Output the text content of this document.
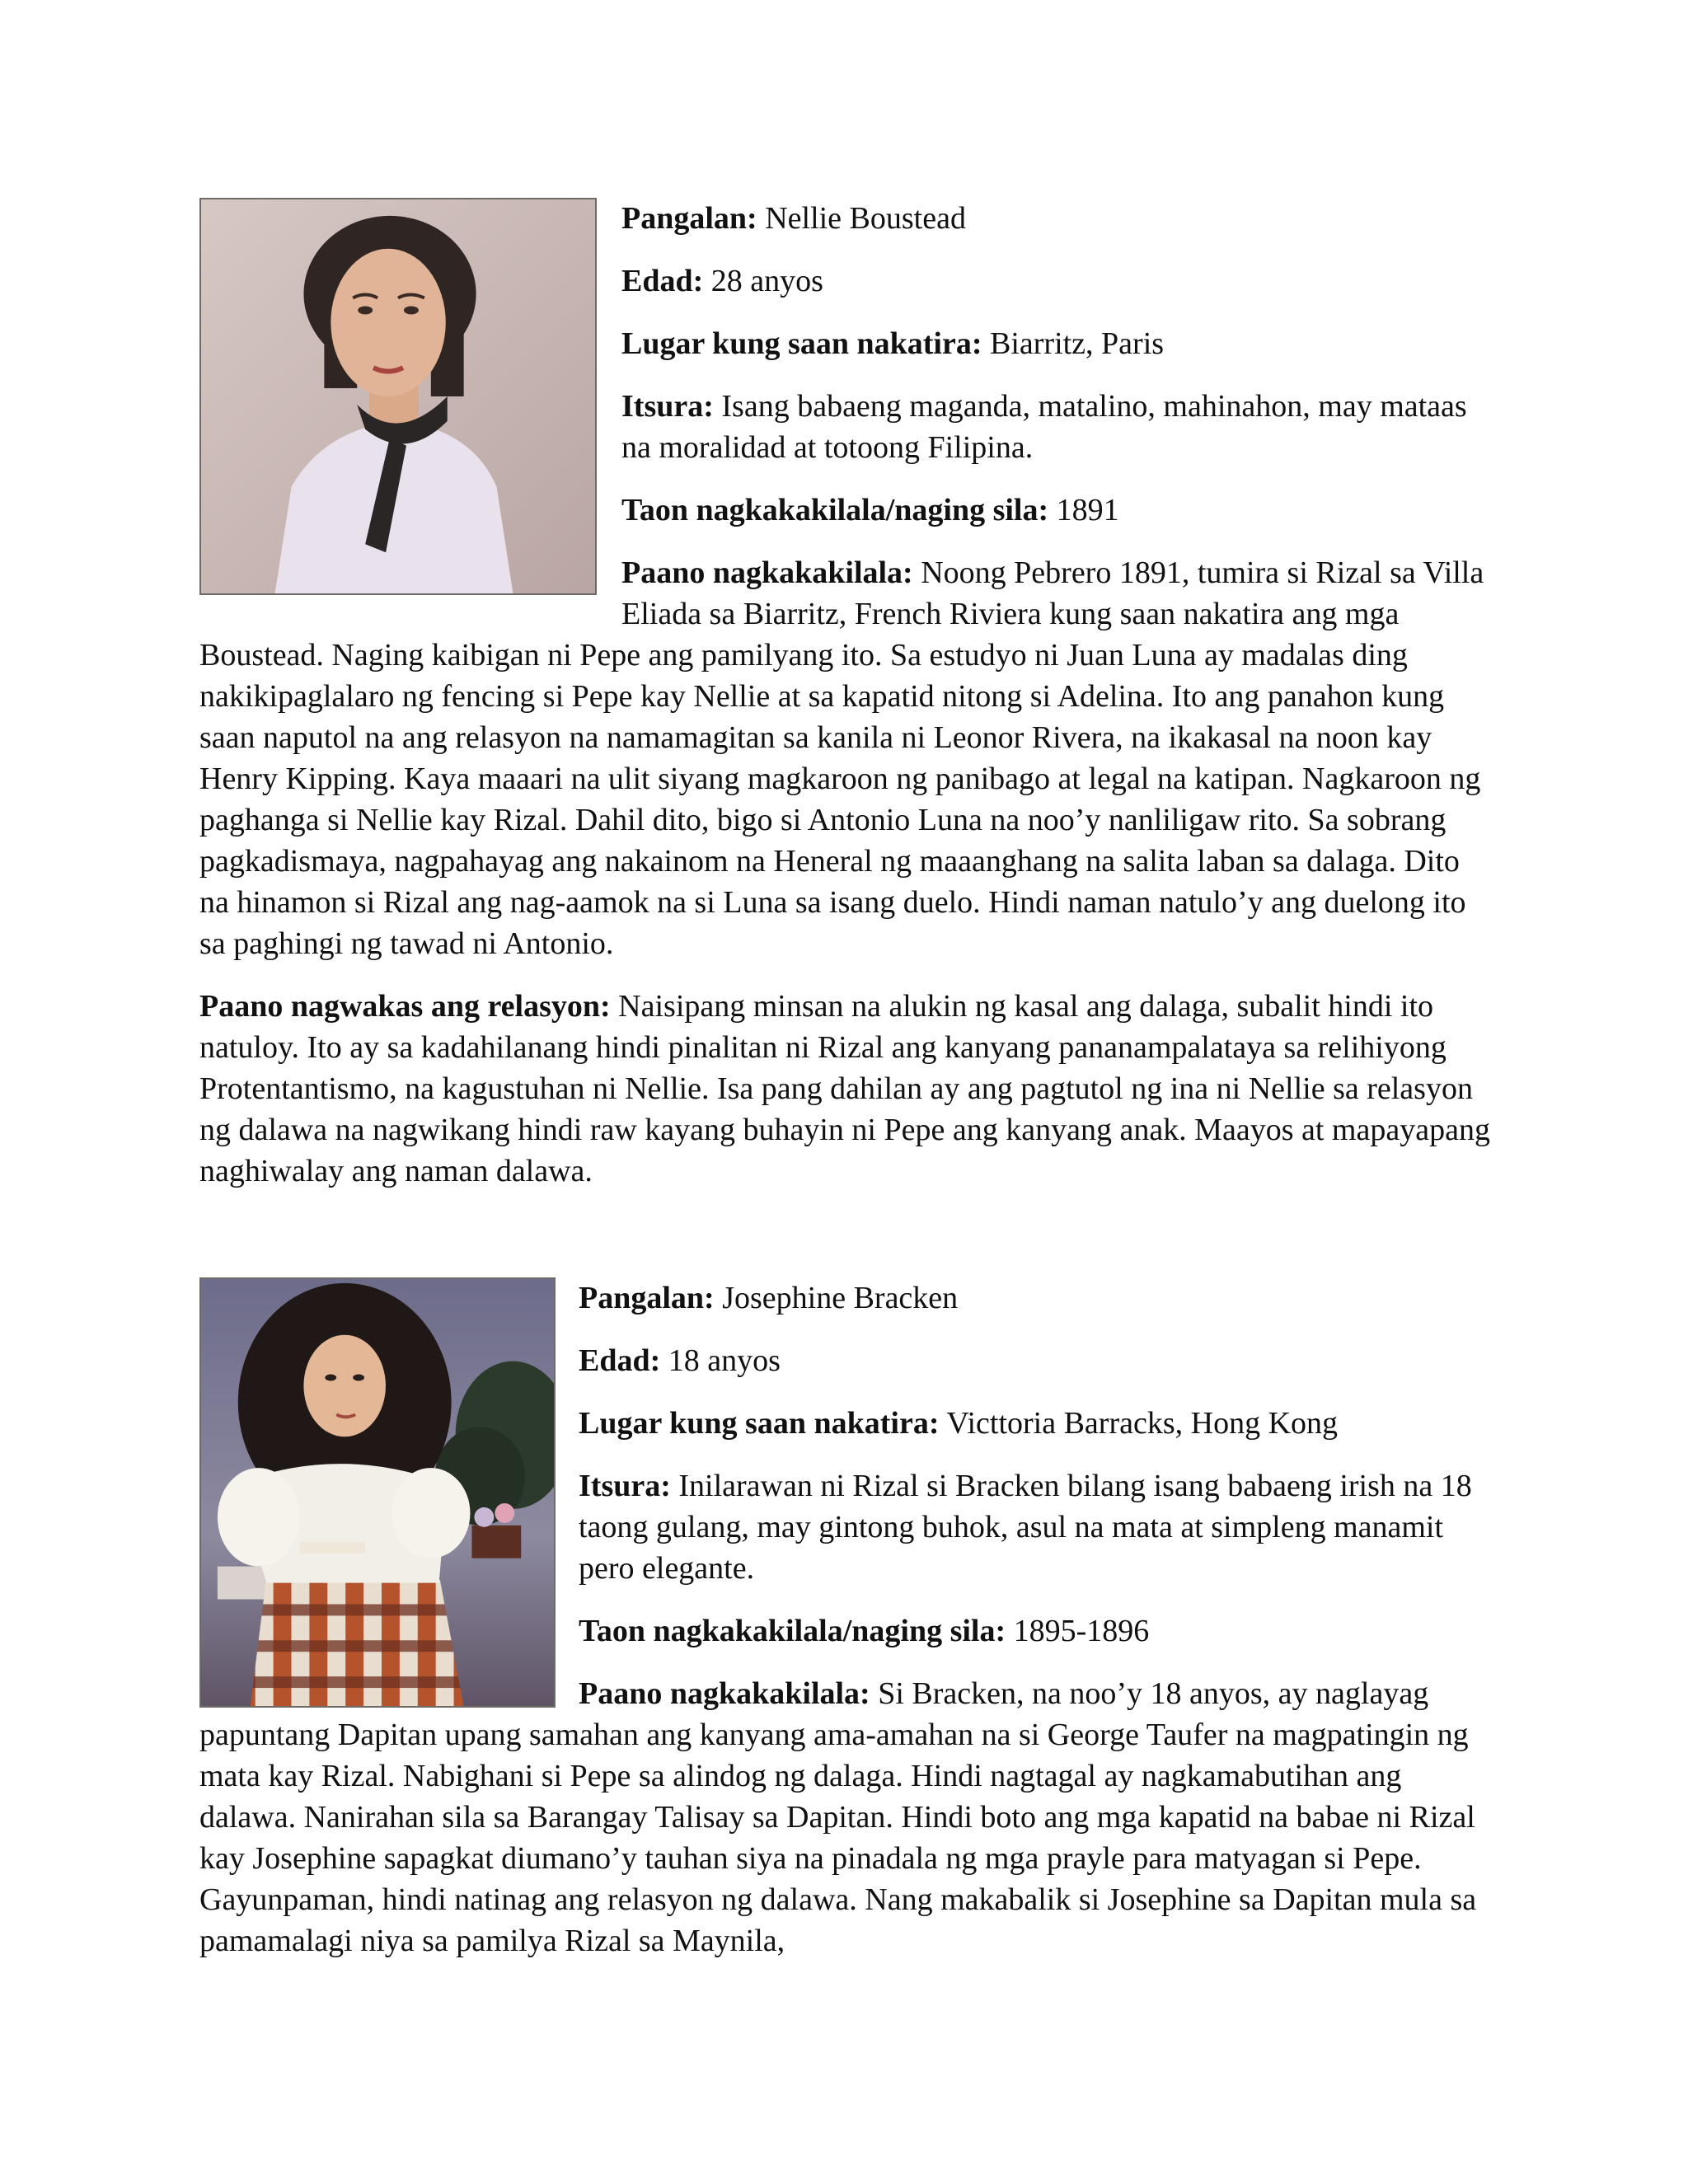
Pangalan: Nellie Boustead

Edad: 28 anyos

Lugar kung saan nakatira: Biarritz, Paris

Itsura: Isang babaeng maganda, matalino, mahinahon, may mataas na moralidad at totoong Filipina.

Taon nagkakakilala/naging sila: 1891

Paano nagkakakilala: Noong Pebrero 1891, tumira si Rizal sa Villa Eliada sa Biarritz, French Riviera kung saan nakatira ang mga Boustead. Naging kaibigan ni Pepe ang pamilyang ito. Sa estudyo ni Juan Luna ay madalas ding nakikipaglalaro ng fencing si Pepe kay Nellie at sa kapatid nitong si Adelina. Ito ang panahon kung saan naputol na ang relasyon na namamagitan sa kanila ni Leonor Rivera, na ikakasal na noon kay Henry Kipping. Kaya maaari na ulit siyang magkaroon ng panibago at legal na katipan. Nagkaroon ng paghanga si Nellie kay Rizal. Dahil dito, bigo si Antonio Luna na noo’y nanliligaw rito. Sa sobrang pagkadismaya, nagpahayag ang nakainom na Heneral ng maaanghang na salita laban sa dalaga. Dito na hinamon si Rizal ang nag-aamok na si Luna sa isang duelo. Hindi naman natulo’y ang duelong ito sa paghingi ng tawad ni Antonio.

Paano nagwakas ang relasyon: Naisipang minsan na alukin ng kasal ang dalaga, subalit hindi ito natuloy. Ito ay sa kadahilanang hindi pinalitan ni Rizal ang kanyang pananampalataya sa relihiyong Protentantismo, na kagustuhan ni Nellie. Isa pang dahilan ay ang pagtutol ng ina ni Nellie sa relasyon ng dalawa na nagwikang hindi raw kayang buhayin ni Pepe ang kanyang anak. Maayos at mapayapang naghiwalay ang naman dalawa.

Pangalan: Josephine Bracken

Edad: 18 anyos

Lugar kung saan nakatira: Victtoria Barracks, Hong Kong

Itsura: Inilarawan ni Rizal si Bracken bilang isang babaeng irish na 18 taong gulang, may gintong buhok, asul na mata at simpleng manamit pero elegante.

Taon nagkakakilala/naging sila: 1895-1896

Paano nagkakakilala: Si Bracken, na noo’y 18 anyos, ay naglayag papuntang Dapitan upang samahan ang kanyang ama-amahan na si George Taufer na magpatingin ng mata kay Rizal. Nabighani si Pepe sa alindog ng dalaga. Hindi nagtagal ay nagkamabutihan ang dalawa. Nanirahan sila sa Barangay Talisay sa Dapitan. Hindi boto ang mga kapatid na babae ni Rizal kay Josephine sapagkat diumano’y tauhan siya na pinadala ng mga prayle para matyagan si Pepe. Gayunpaman, hindi natinag ang relasyon ng dalawa. Nang makabalik si Josephine sa Dapitan mula sa pamamalagi niya sa pamilya Rizal sa Maynila,
